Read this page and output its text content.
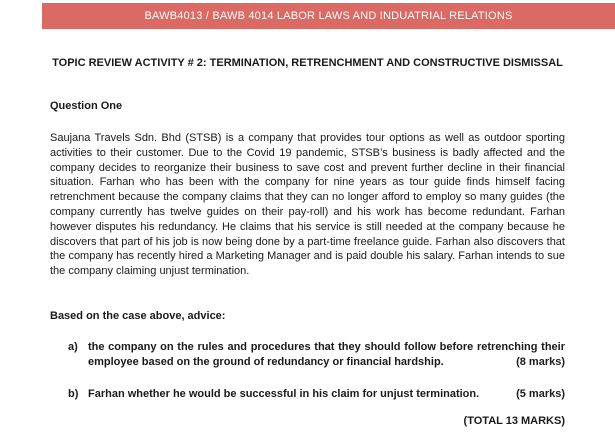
BAWB4013 / BAWB 4014 LABOR LAWS AND INDUATRIAL RELATIONS
TOPIC REVIEW ACTIVITY # 2: TERMINATION, RETRENCHMENT AND CONSTRUCTIVE DISMISSAL
Question One
Saujana Travels Sdn. Bhd (STSB) is a company that provides tour options as well as outdoor sporting activities to their customer. Due to the Covid 19 pandemic, STSB’s business is badly affected and the company decides to reorganize their business to save cost and prevent further decline in their financial situation. Farhan who has been with the company for nine years as tour guide finds himself facing retrenchment because the company claims that they can no longer afford to employ so many guides (the company currently has twelve guides on their pay-roll) and his work has become redundant. Farhan however disputes his redundancy. He claims that his service is still needed at the company because he discovers that part of his job is now being done by a part-time freelance guide. Farhan also discovers that the company has recently hired a Marketing Manager and is paid double his salary. Farhan intends to sue the company claiming unjust termination.
Based on the case above, advice:
a) the company on the rules and procedures that they should follow before retrenching their employee based on the ground of redundancy or financial hardship.	(8 marks)
b) Farhan whether he would be successful in his claim for unjust termination.	(5 marks)
(TOTAL 13 MARKS)
